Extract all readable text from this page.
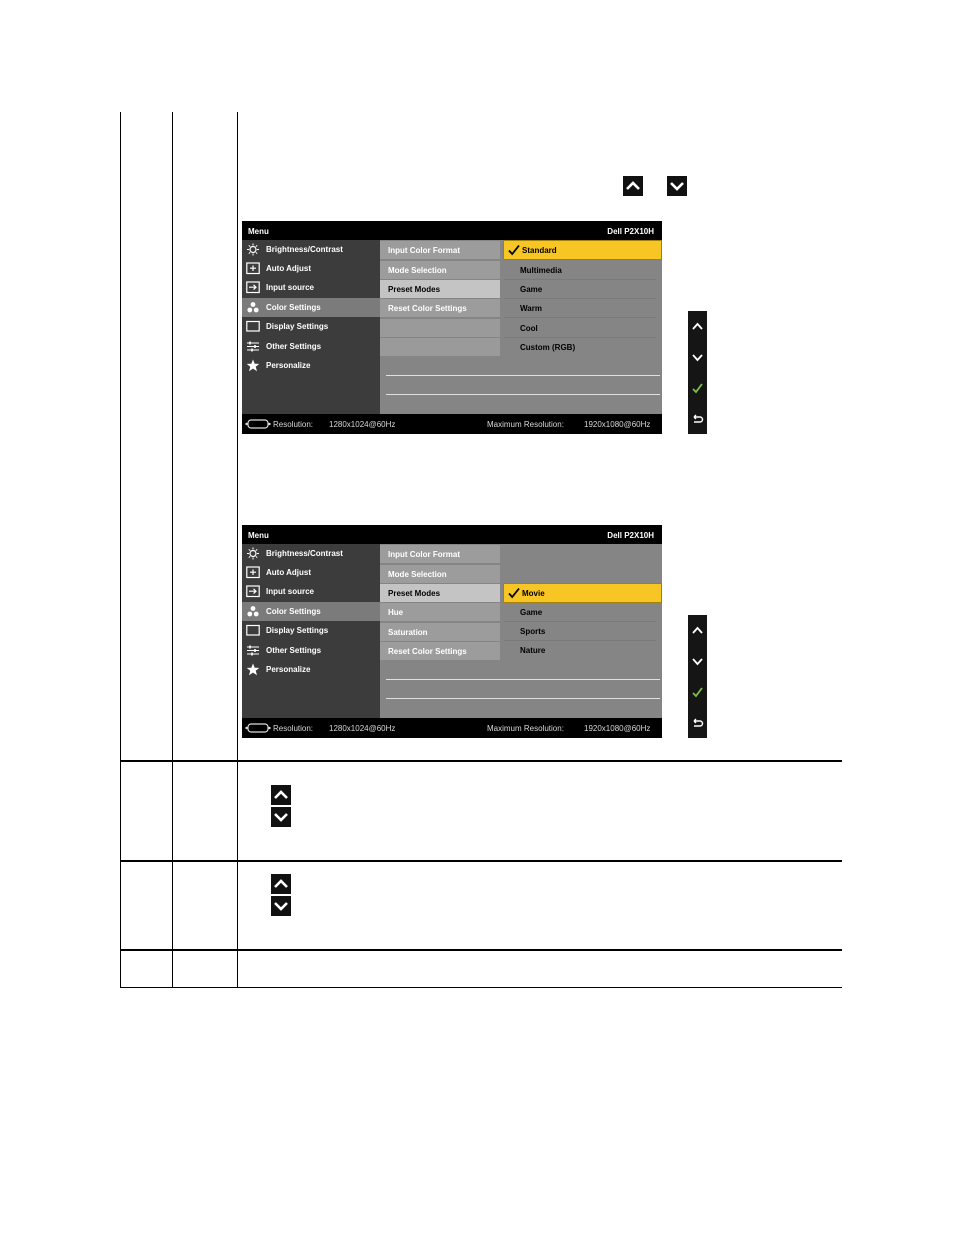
Menu	Dell P2X10H
Brightness/Contrast
Auto Adjust
Input source
Color Settings
Display Settings
Other Settings
Personalize
Input Color Format
Mode Selection
Preset Modes
Reset Color Settings
Standard
Multimedia
Game
Warm
Cool
Custom (RGB)
Resolution: 1280x1024@60Hz	Maximum Resolution:	1920x1080@60Hz
Menu	Dell P2X10H
Brightness/Contrast
Auto Adjust
Input source
Color Settings
Display Settings
Other Settings
Personalize
Input Color Format
Mode Selection
Preset Modes
Hue
Saturation
Reset Color Settings
Movie
Game
Sports
Nature
Resolution: 1280x1024@60Hz	Maximum Resolution:	1920x1080@60Hz
